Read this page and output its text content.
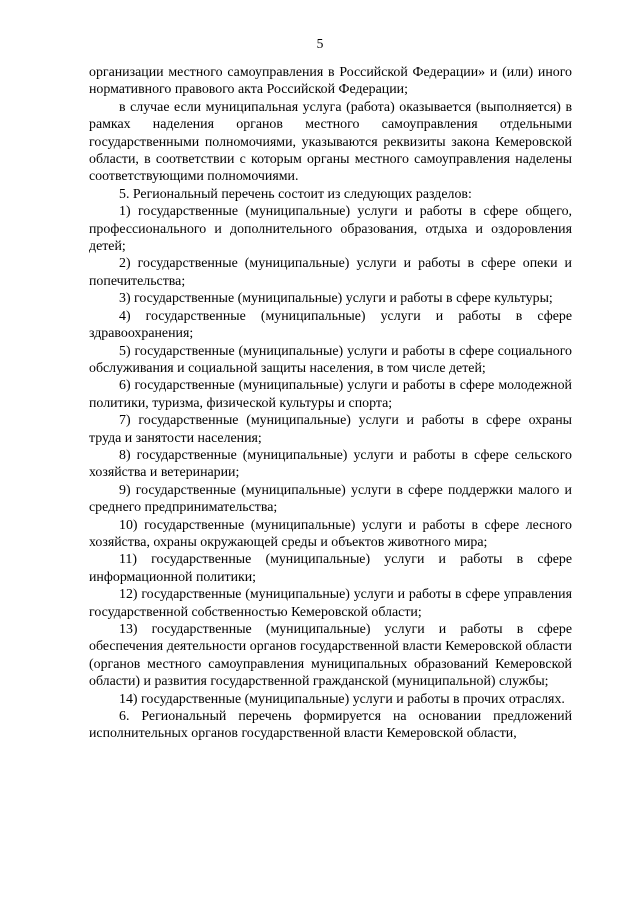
5

организации местного самоуправления в Российской Федерации» и (или) иного нормативного правового акта Российской Федерации;

в случае если муниципальная услуга (работа) оказывается (выполняется) в рамках наделения органов местного самоуправления отдельными государственными полномочиями, указываются реквизиты закона Кемеровской области, в соответствии с которым органы местного самоуправления наделены соответствующими полномочиями.

5. Региональный перечень состоит из следующих разделов:

1) государственные (муниципальные) услуги и работы в сфере общего, профессионального и дополнительного образования, отдыха и оздоровления детей;

2) государственные (муниципальные) услуги и работы в сфере опеки и попечительства;

3) государственные (муниципальные) услуги и работы в сфере культуры;

4) государственные (муниципальные) услуги и работы в сфере здравоохранения;

5) государственные (муниципальные) услуги и работы в сфере социального обслуживания и социальной защиты населения, в том числе детей;

6) государственные (муниципальные) услуги и работы в сфере молодежной политики, туризма, физической культуры и спорта;

7) государственные (муниципальные) услуги и работы в сфере охраны труда и занятости населения;

8) государственные (муниципальные) услуги и работы в сфере сельского хозяйства и ветеринарии;

9) государственные (муниципальные) услуги в сфере поддержки малого и среднего предпринимательства;

10) государственные (муниципальные) услуги и работы в сфере лесного хозяйства, охраны окружающей среды и объектов животного мира;

11) государственные (муниципальные) услуги и работы в сфере информационной политики;

12) государственные (муниципальные) услуги и работы в сфере управления государственной собственностью Кемеровской области;

13) государственные (муниципальные) услуги и работы в сфере обеспечения деятельности органов государственной власти Кемеровской области (органов местного самоуправления муниципальных образований Кемеровской области) и развития государственной гражданской (муниципальной) службы;

14) государственные (муниципальные) услуги и работы в прочих отраслях.

6. Региональный перечень формируется на основании предложений исполнительных органов государственной власти Кемеровской области,
